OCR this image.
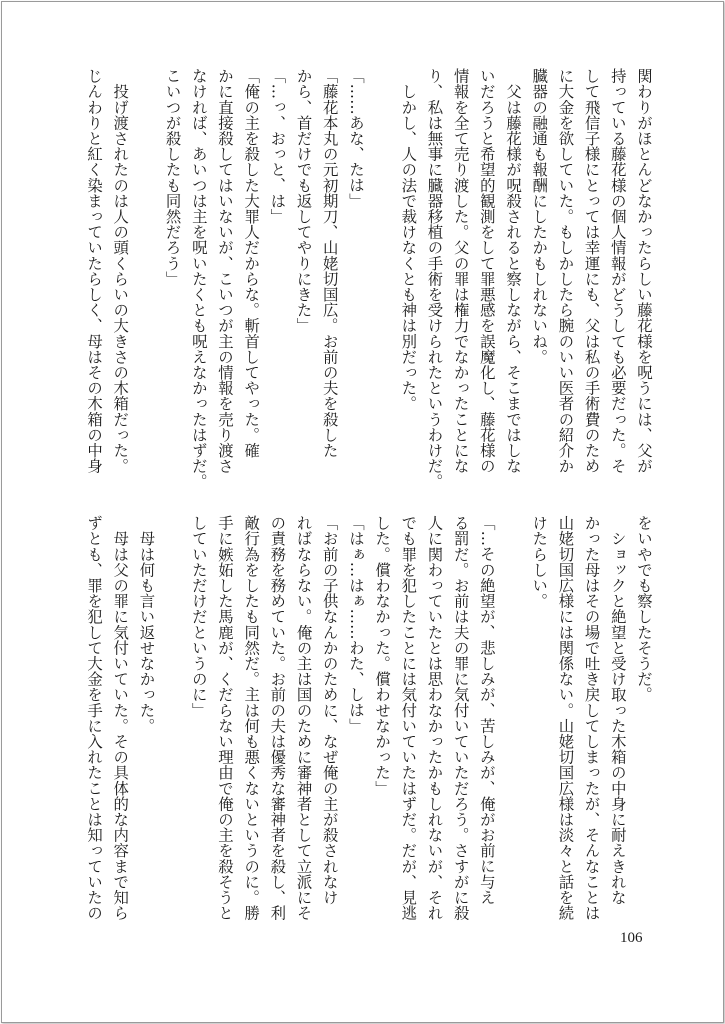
関わりがほとんどなかったらしい藤花様を呪うには、父が
持っている藤花様の個人情報がどうしても必要だった。そ
して飛信子様にとっては幸運にも、父は私の手術費のため
に大金を欲していた。もしかしたら腕のいい医者の紹介か
臓器の融通も報酬にしたかもしれないね。
　父は藤花様が呪殺されると察しながら、そこまではしな
いだろうと希望的観測をして罪悪感を誤魔化し、藤花様の
情報を全て売り渡した。父の罪は権力でなかったことにな
り、私は無事に臓器移植の手術を受けられたというわけだ。
　しかし、人の法で裁けなくとも神は別だった。
「……あな、たは」
「藤花本丸の元初期刀、山姥切国広。お前の夫を殺した
から、首だけでも返してやりにきた」
「…っ、おっと、は」
「俺の主を殺した大罪人だからな。斬首してやった。確
かに直接殺してはいないが、こいつが主の情報を売り渡さ
なければ、あいつは主を呪いたくとも呪えなかったはずだ。
こいつが殺したも同然だろう」
　投げ渡されたのは人の頭くらいの大きさの木箱だった。
じんわりと紅く染まっていたらしく、母はその木箱の中身
をいやでも察したそうだ。
　ショックと絶望と受け取った木箱の中身に耐えきれな
かった母はその場で吐き戻してしまったが、そんなことは
山姥切国広様には関係ない。山姥切国広様は淡々と話を続
けたらしい。
「…その絶望が、悲しみが、苦しみが、俺がお前に与え
る罰だ。お前は夫の罪に気付いていただろう。さすがに殺
人に関わっていたとは思わなかったかもしれないが、それ
でも罪を犯したことには気付いていたはずだ。だが、見逃
した。償わなかった。償わせなかった」
「はぁ…はぁ……わた、しは」
「お前の子供なんかのために、なぜ俺の主が殺されなけ
ればならない。俺の主は国のために審神者として立派にそ
の責務を務めていた。お前の夫は優秀な審神者を殺し、利
敵行為をしたも同然だ。主は何も悪くないというのに。勝
手に嫉妬した馬鹿が、くだらない理由で俺の主を殺そうと
していただけだというのに」
　母は何も言い返せなかった。
　母は父の罪に気付いていた。その具体的な内容まで知ら
ずとも、罪を犯して大金を手に入れたことは知っていたの
106
